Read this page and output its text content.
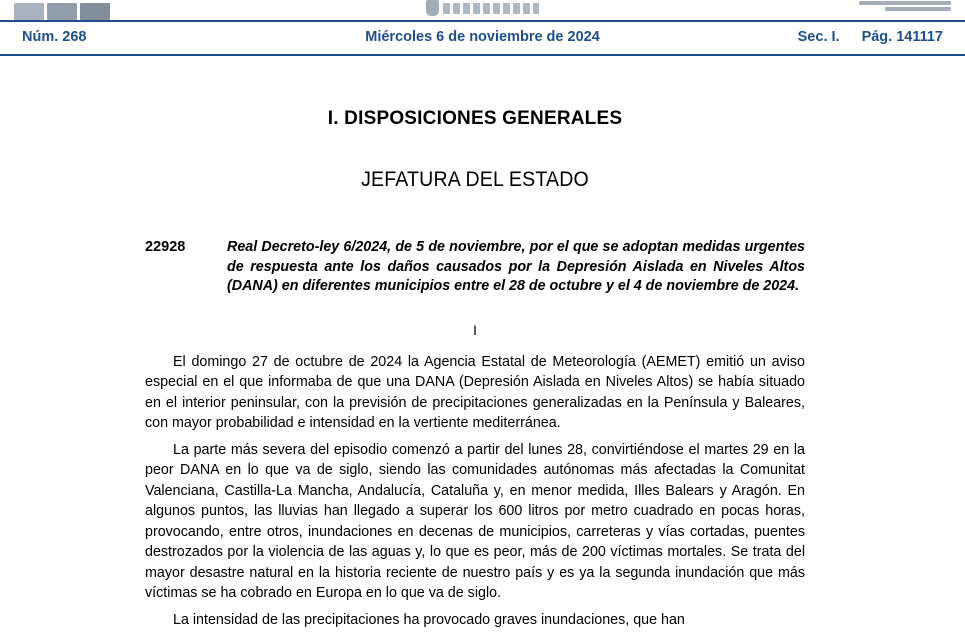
Núm. 268	Miércoles 6 de noviembre de 2024	Sec. I. Pág. 141117
I. DISPOSICIONES GENERALES
JEFATURA DEL ESTADO
22928	Real Decreto-ley 6/2024, de 5 de noviembre, por el que se adoptan medidas urgentes de respuesta ante los daños causados por la Depresión Aislada en Niveles Altos (DANA) en diferentes municipios entre el 28 de octubre y el 4 de noviembre de 2024.
I

El domingo 27 de octubre de 2024 la Agencia Estatal de Meteorología (AEMET) emitió un aviso especial en el que informaba de que una DANA (Depresión Aislada en Niveles Altos) se había situado en el interior peninsular, con la previsión de precipitaciones generalizadas en la Península y Baleares, con mayor probabilidad e intensidad en la vertiente mediterránea.

La parte más severa del episodio comenzó a partir del lunes 28, convirtiéndose el martes 29 en la peor DANA en lo que va de siglo, siendo las comunidades autónomas más afectadas la Comunitat Valenciana, Castilla-La Mancha, Andalucía, Cataluña y, en menor medida, Illes Balears y Aragón. En algunos puntos, las lluvias han llegado a superar los 600 litros por metro cuadrado en pocas horas, provocando, entre otros, inundaciones en decenas de municipios, carreteras y vías cortadas, puentes destrozados por la violencia de las aguas y, lo que es peor, más de 200 víctimas mortales. Se trata del mayor desastre natural en la historia reciente de nuestro país y es ya la segunda inundación que más víctimas se ha cobrado en Europa en lo que va de siglo.

La intensidad de las precipitaciones ha provocado graves inundaciones, que han
